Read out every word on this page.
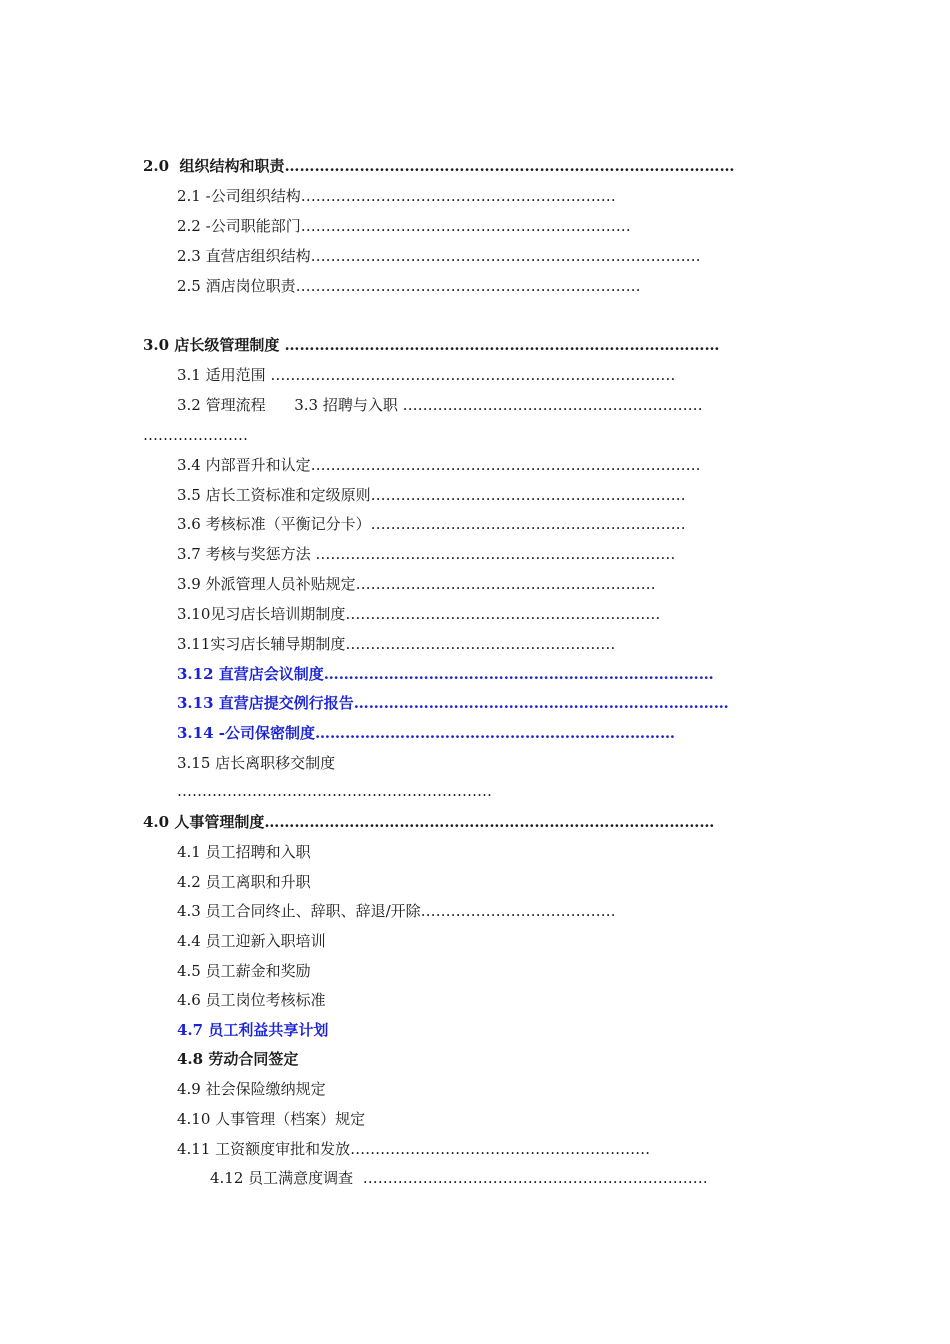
2.0  组织结构和职责………………………………………………………………………………
2.1 -公司组织结构………………………………………………………
2.2 -公司职能部门…………………………………………………………
2.3 直营店组织结构……………………………………………………………………
2.5 酒店岗位职责……………………………………………………………
3.0 店长级管理制度 ……………………………………………………………………………
3.1 适用范围 ………………………………………………………………………
3.2 管理流程      3.3 招聘与入职 ……………………………………………………
…………………
3.4 内部晋升和认定……………………………………………………………………
3.5 店长工资标准和定级原则………………………………………………………
3.6 考核标准（平衡记分卡）………………………………………………………
3.7 考核与奖惩方法 ………………………………………………………………
3.9 外派管理人员补贴规定……………………………………………………
3.10见习店长培训期制度………………………………………………………
3.11实习店长辅导期制度………………………………………………
3.12 直营店会议制度……………………………………………………………………
3.13 直营店提交例行报告…………………………………………………………………
3.14 -公司保密制度………………………………………………………………
3.15 店长离职移交制度
………………………………………………………
4.0 人事管理制度………………………………………………………………………………
4.1 员工招聘和入职
4.2 员工离职和升职
4.3 员工合同终止、辞职、辞退/开除…………………………………
4.4 员工迎新入职培训
4.5 员工薪金和奖励
4.6 员工岗位考核标准
4.7 员工利益共享计划
4.8 劳动合同签定
4.9 社会保险缴纳规定
4.10 人事管理（档案）规定
4.11 工资额度审批和发放……………………………………………………
4.12 员工满意度调查  ……………………………………………………………
